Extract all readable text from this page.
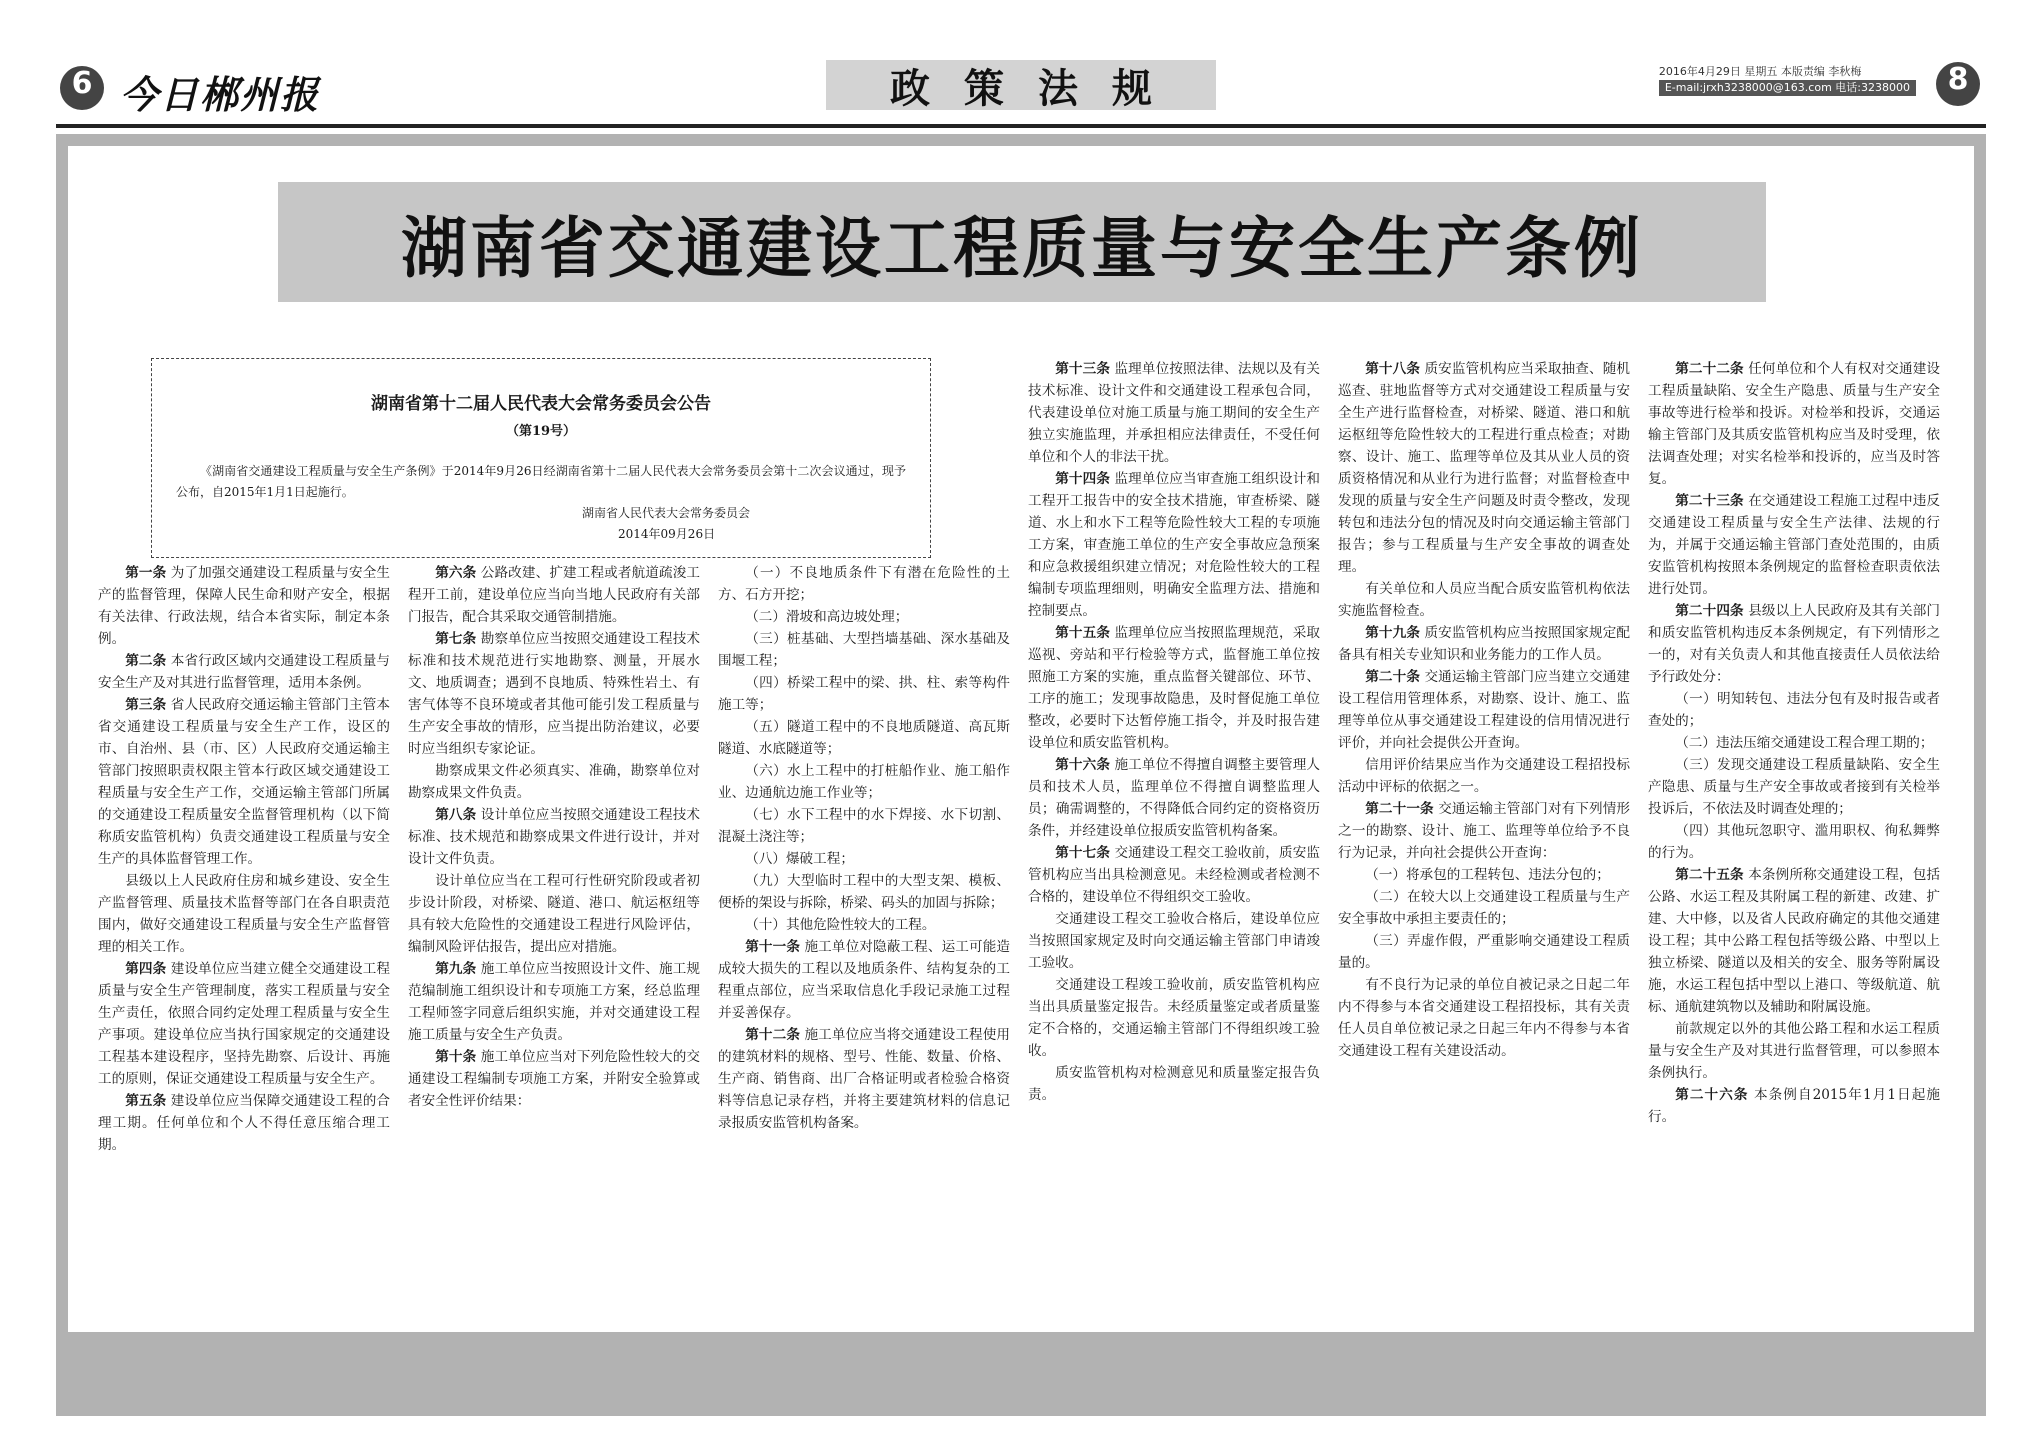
6 今日郴州报	政策法规	2016年4月29日 星期五 本版责编 李秋梅
E-mail:jrxh3238000@163.com 电话:3238000	8
湖南省交通建设工程质量与安全生产条例
湖南省第十二届人民代表大会常务委员会公告
（第19号）
《湖南省交通建设工程质量与安全生产条例》于2014年9月26日经湖南省第十二届人民代表大会常务委员会第十二次会议通过，现予公布，自2015年1月1日起施行。
湖南省人民代表大会常务委员会
2014年09月26日

第一条 为了加强交通建设工程质量与安全生产的监督管理，保障人民生命和财产安全，根据有关法律、行政法规，结合本省实际，制定本条例。

第二条 本省行政区域内交通建设工程质量与安全生产及对其进行监督管理，适用本条例。

第三条 省人民政府交通运输主管部门主管本省交通建设工程质量与安全生产工作，设区的市、自治州、县（市、区）人民政府交通运输主管部门按照职责权限主管本行政区域交通建设工程质量与安全生产工作，交通运输主管部门所属的交通建设工程质量安全监督管理机构（以下简称质安监管机构）负责交通建设工程质量与安全生产的具体监督管理工作。

县级以上人民政府住房和城乡建设、安全生产监督管理、质量技术监督等部门在各自职责范围内，做好交通建设工程质量与安全生产监督管理的相关工作。

第四条 建设单位应当建立健全交通建设工程质量与安全生产管理制度，落实工程质量与安全生产责任，依照合同约定处理工程质量与安全生产事项。建设单位应当执行国家规定的交通建设工程基本建设程序，坚持先勘察、后设计、再施工的原则，保证交通建设工程质量与安全生产。

第五条 建设单位应当保障交通建设工程的合理工期。任何单位和个人不得任意压缩合理工期。

第六条 公路改建、扩建工程或者航道疏浚工程开工前，建设单位应当向当地人民政府有关部门报告，配合其采取交通管制措施。

第七条 勘察单位应当按照交通建设工程技术标准和技术规范进行实地勘察、测量，开展水文、地质调查；遇到不良地质、特殊性岩土、有害气体等不良环境或者其他可能引发工程质量与生产安全事故的情形，应当提出防治建议，必要时应当组织专家论证。

勘察成果文件必须真实、准确，勘察单位对勘察成果文件负责。

第八条 设计单位应当按照交通建设工程技术标准、技术规范和勘察成果文件进行设计，并对设计文件负责。

设计单位应当在工程可行性研究阶段或者初步设计阶段，对桥梁、隧道、港口、航运枢纽等具有较大危险性的交通建设工程进行风险评估，编制风险评估报告，提出应对措施。

第九条 施工单位应当按照设计文件、施工规范编制施工组织设计和专项施工方案，经总监理工程师签字同意后组织实施，并对交通建设工程施工质量与安全生产负责。

第十条 施工单位应当对下列危险性较大的交通建设工程编制专项施工方案，并附安全验算或者安全性评价结果：

（一）不良地质条件下有潜在危险性的土方、石方开挖；

（二）滑坡和高边坡处理；

（三）桩基础、大型挡墙基础、深水基础及围堰工程；

（四）桥梁工程中的梁、拱、柱、索等构件施工等；

（五）隧道工程中的不良地质隧道、高瓦斯隧道、水底隧道等；

（六）水上工程中的打桩船作业、施工船作业、边通航边施工作业等；

（七）水下工程中的水下焊接、水下切割、混凝土浇注等；

（八）爆破工程；

（九）大型临时工程中的大型支架、模板、便桥的架设与拆除，桥梁、码头的加固与拆除；

（十）其他危险性较大的工程。

第十一条 施工单位对隐蔽工程、运工可能造成较大损失的工程以及地质条件、结构复杂的工程重点部位，应当采取信息化手段记录施工过程并妥善保存。

第十二条 施工单位应当将交通建设工程使用的建筑材料的规格、型号、性能、数量、价格、生产商、销售商、出厂合格证明或者检验合格资料等信息记录存档，并将主要建筑材料的信息记录报质安监管机构备案。

第十三条 监理单位按照法律、法规以及有关技术标准、设计文件和交通建设工程承包合同，代表建设单位对施工质量与施工期间的安全生产独立实施监理，并承担相应法律责任，不受任何单位和个人的非法干扰。

第十四条 监理单位应当审查施工组织设计和工程开工报告中的安全技术措施，审查桥梁、隧道、水上和水下工程等危险性较大工程的专项施工方案，审查施工单位的生产安全事故应急预案和应急救援组织建立情况；对危险性较大的工程编制专项监理细则，明确安全监理方法、措施和控制要点。

第十五条 监理单位应当按照监理规范，采取巡视、旁站和平行检验等方式，监督施工单位按照施工方案的实施，重点监督关键部位、环节、工序的施工；发现事故隐患，及时督促施工单位整改，必要时下达暂停施工指令，并及时报告建设单位和质安监管机构。

第十六条 施工单位不得擅自调整主要管理人员和技术人员，监理单位不得擅自调整监理人员；确需调整的，不得降低合同约定的资格资历条件，并经建设单位报质安监管机构备案。

第十七条 交通建设工程交工验收前，质安监管机构应当出具检测意见。未经检测或者检测不合格的，建设单位不得组织交工验收。

交通建设工程交工验收合格后，建设单位应当按照国家规定及时向交通运输主管部门申请竣工验收。

交通建设工程竣工验收前，质安监管机构应当出具质量鉴定报告。未经质量鉴定或者质量鉴定不合格的，交通运输主管部门不得组织竣工验收。

质安监管机构对检测意见和质量鉴定报告负责。

第十八条 质安监管机构应当采取抽查、随机巡查、驻地监督等方式对交通建设工程质量与安全生产进行监督检查，对桥梁、隧道、港口和航运枢纽等危险性较大的工程进行重点检查；对勘察、设计、施工、监理等单位及其从业人员的资质资格情况和从业行为进行监督；对监督检查中发现的质量与安全生产问题及时责令整改，发现转包和违法分包的情况及时向交通运输主管部门报告；参与工程质量与生产安全事故的调查处理。

有关单位和人员应当配合质安监管机构依法实施监督检查。

第十九条 质安监管机构应当按照国家规定配备具有相关专业知识和业务能力的工作人员。

第二十条 交通运输主管部门应当建立交通建设工程信用管理体系，对勘察、设计、施工、监理等单位从事交通建设工程建设的信用情况进行评价，并向社会提供公开查询。

信用评价结果应当作为交通建设工程招投标活动中评标的依据之一。

第二十一条 交通运输主管部门对有下列情形之一的勘察、设计、施工、监理等单位给予不良行为记录，并向社会提供公开查询：

（一）将承包的工程转包、违法分包的；

（二）在较大以上交通建设工程质量与生产安全事故中承担主要责任的；

（三）弄虚作假，严重影响交通建设工程质量的。

有不良行为记录的单位自被记录之日起二年内不得参与本省交通建设工程招投标，其有关责任人员自单位被记录之日起三年内不得参与本省交通建设工程有关建设活动。

第二十二条 任何单位和个人有权对交通建设工程质量缺陷、安全生产隐患、质量与生产安全事故等进行检举和投诉。对检举和投诉，交通运输主管部门及其质安监管机构应当及时受理，依法调查处理；对实名检举和投诉的，应当及时答复。

第二十三条 在交通建设工程施工过程中违反交通建设工程质量与安全生产法律、法规的行为，并属于交通运输主管部门查处范围的，由质安监管机构按照本条例规定的监督检查职责依法进行处罚。

第二十四条 县级以上人民政府及其有关部门和质安监管机构违反本条例规定，有下列情形之一的，对有关负责人和其他直接责任人员依法给予行政处分：

（一）明知转包、违法分包有及时报告或者查处的；

（二）违法压缩交通建设工程合理工期的；

（三）发现交通建设工程质量缺陷、安全生产隐患、质量与生产安全事故或者接到有关检举投诉后，不依法及时调查处理的；

（四）其他玩忽职守、滥用职权、徇私舞弊的行为。

第二十五条 本条例所称交通建设工程，包括公路、水运工程及其附属工程的新建、改建、扩建、大中修，以及省人民政府确定的其他交通建设工程；其中公路工程包括等级公路、中型以上独立桥梁、隧道以及相关的安全、服务等附属设施，水运工程包括中型以上港口、等级航道、航标、通航建筑物以及辅助和附属设施。

前款规定以外的其他公路工程和水运工程质量与安全生产及对其进行监督管理，可以参照本条例执行。

第二十六条 本条例自2015年1月1日起施行。
